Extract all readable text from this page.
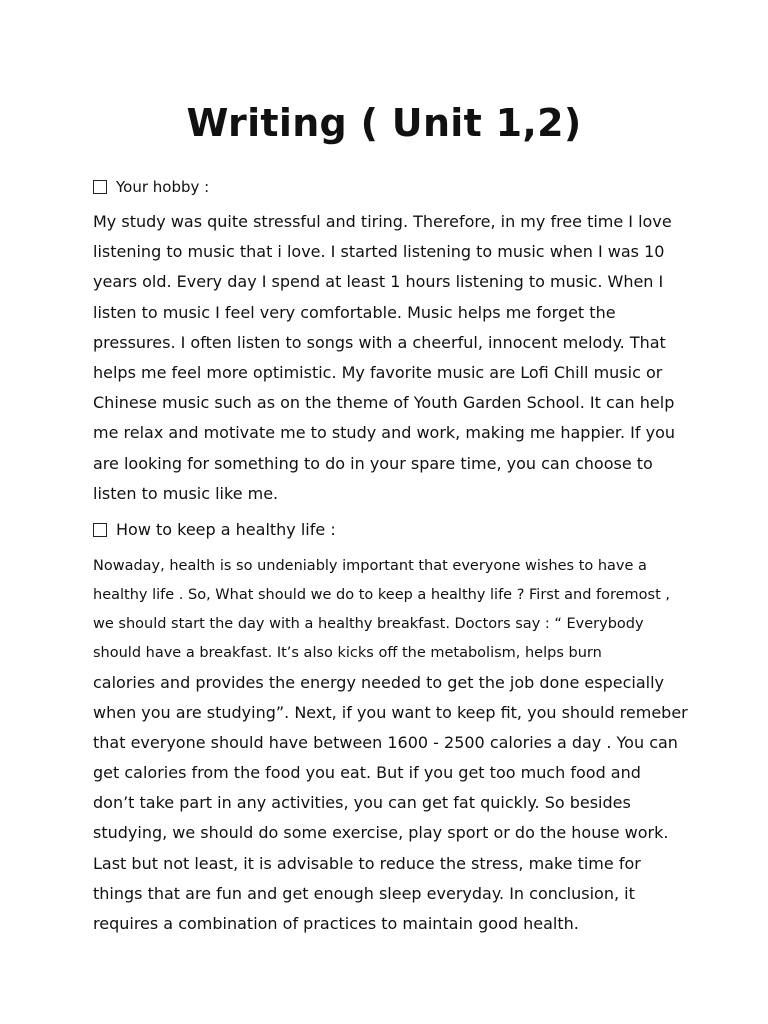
Writing ( Unit 1,2)
Your hobby :

My study was quite stressful and tiring. Therefore, in my free time I love
listening to music that i love. I started listening to music when I was 10
years old. Every day I spend at least 1 hours listening to music. When I
listen to music I feel very comfortable. Music helps me forget the
pressures. I often listen to songs with a cheerful, innocent melody. That
helps me feel more optimistic. My favorite music are Lofi Chill music or
Chinese music such as on the theme of Youth Garden School. It can help
me relax and motivate me to study and work, making me happier. If you
are looking for something to do in your spare time, you can choose to
listen to music like me.

How to keep a healthy life :

Nowaday, health is so undeniably important that everyone wishes to have a
healthy life . So, What should we do to keep a healthy life ? First and foremost ,
we should start the day with a healthy breakfast. Doctors say : “ Everybody
should have a breakfast. It’s also kicks off the metabolism, helps burn

calories and provides the energy needed to get the job done especially
when you are studying”. Next, if you want to keep fit, you should remeber
that everyone should have between 1600 - 2500 calories a day . You can
get calories from the food you eat. But if you get too much food and
don’t take part in any activities, you can get fat quickly. So besides
studying, we should do some exercise, play sport or do the house work.
Last but not least, it is advisable to reduce the stress, make time for
things that are fun and get enough sleep everyday. In conclusion, it
requires a combination of practices to maintain good health.
